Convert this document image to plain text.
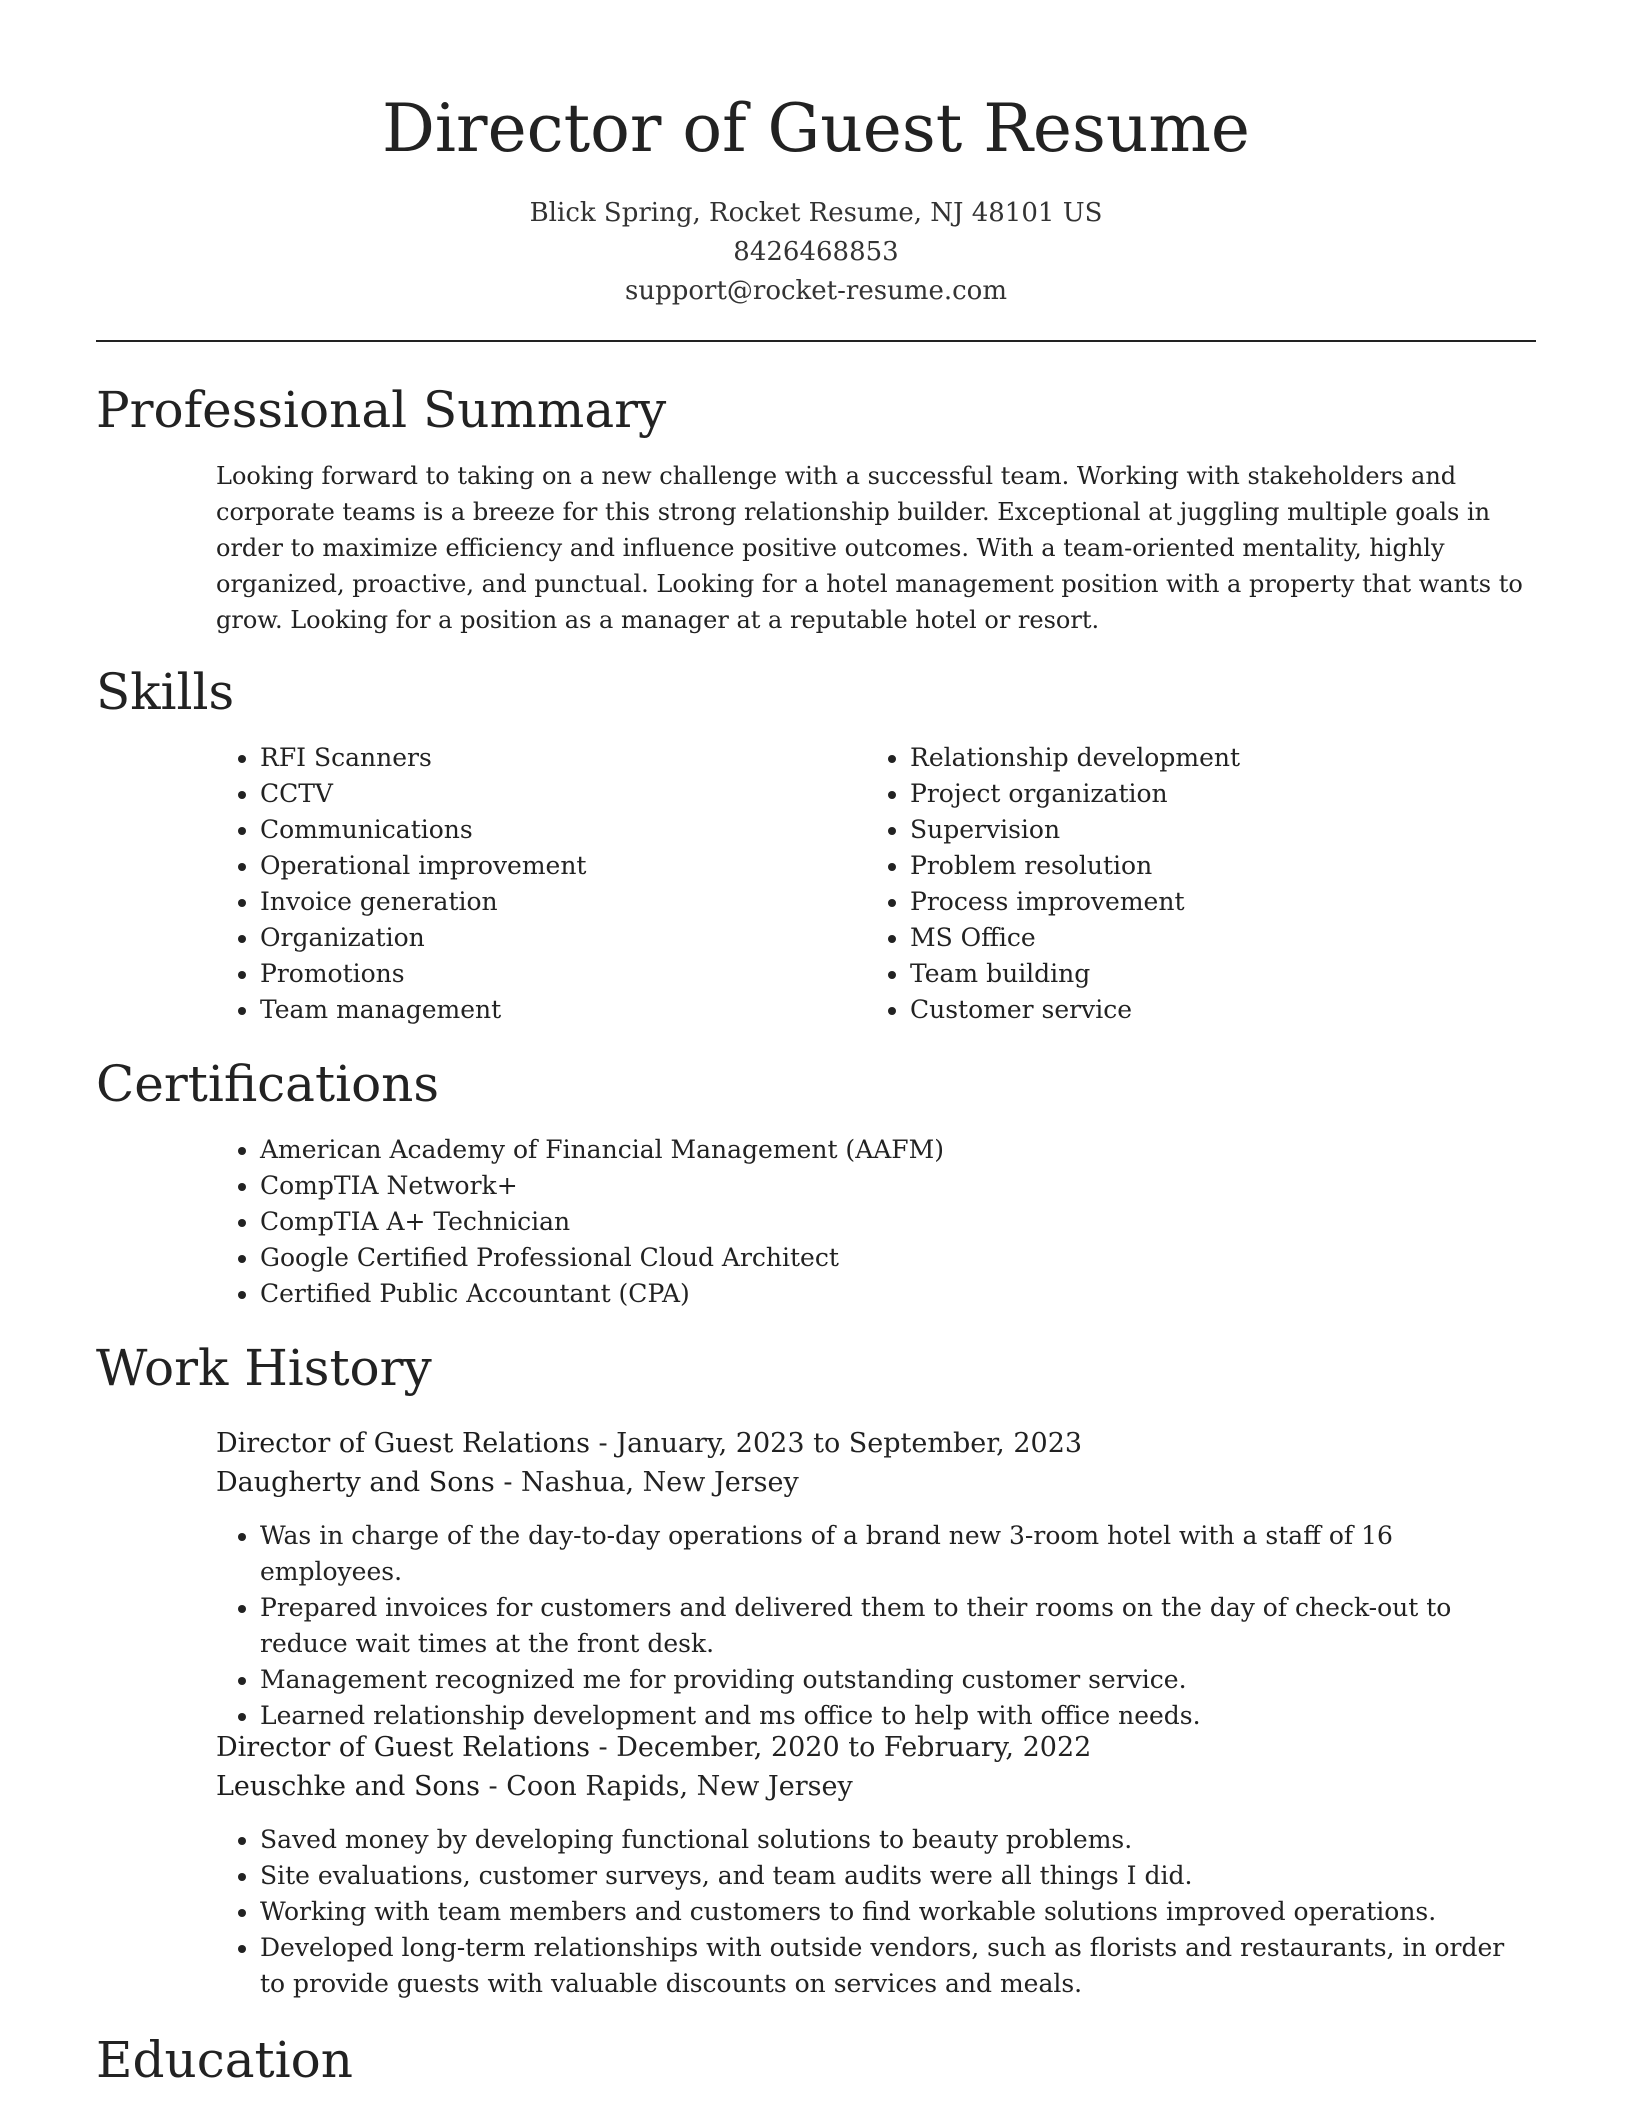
Director of Guest Resume
Blick Spring, Rocket Resume, NJ 48101 US
8426468853
support@rocket-resume.com
Professional Summary

Looking forward to taking on a new challenge with a successful team. Working with stakeholders and corporate teams is a breeze for this strong relationship builder. Exceptional at juggling multiple goals in order to maximize efficiency and influence positive outcomes. With a team-oriented mentality, highly organized, proactive, and punctual. Looking for a hotel management position with a property that wants to grow. Looking for a position as a manager at a reputable hotel or resort.

Skills
• RFI Scanners
• CCTV
• Communications
• Operational improvement
• Invoice generation
• Organization
• Promotions
• Team management
• Relationship development
• Project organization
• Supervision
• Problem resolution
• Process improvement
• MS Office
• Team building
• Customer service
Certifications
• American Academy of Financial Management (AAFM)
• CompTIA Network+
• CompTIA A+ Technician
• Google Certified Professional Cloud Architect
• Certified Public Accountant (CPA)
Work History
Director of Guest Relations - January, 2023 to September, 2023
Daugherty and Sons - Nashua, New Jersey
• Was in charge of the day-to-day operations of a brand new 3-room hotel with a staff of 16 employees.
• Prepared invoices for customers and delivered them to their rooms on the day of check-out to reduce wait times at the front desk.
• Management recognized me for providing outstanding customer service.
• Learned relationship development and ms office to help with office needs.
Director of Guest Relations - December, 2020 to February, 2022
Leuschke and Sons - Coon Rapids, New Jersey
• Saved money by developing functional solutions to beauty problems.
• Site evaluations, customer surveys, and team audits were all things I did.
• Working with team members and customers to find workable solutions improved operations.
• Developed long-term relationships with outside vendors, such as florists and restaurants, in order to provide guests with valuable discounts on services and meals.
Education
